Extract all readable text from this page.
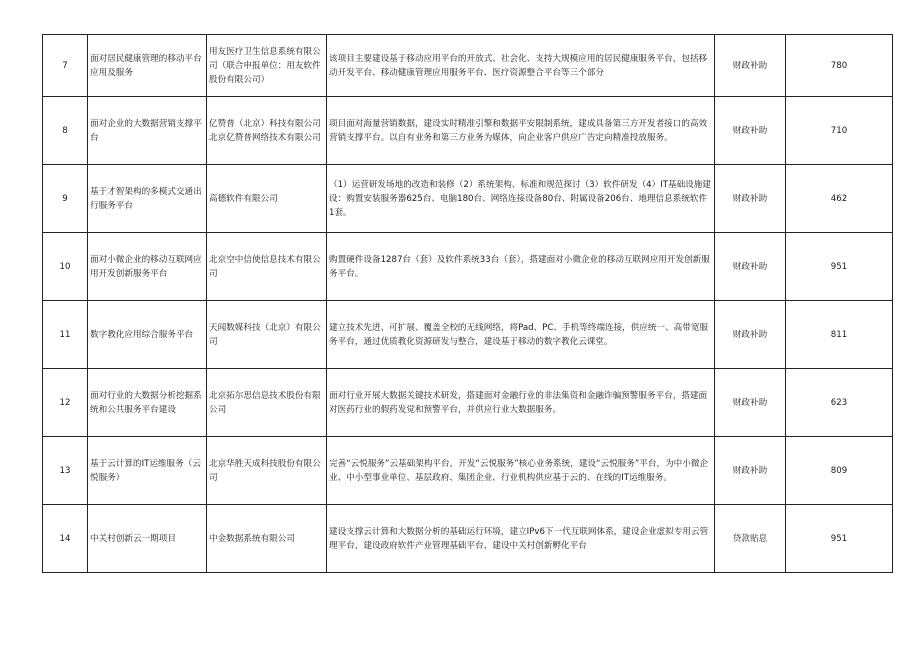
7	面对居民健康管理的移动平台应用及服务	用友医疗卫生信息系统有限公司（联合申报单位：用友软件股份有限公司）	该项目主要建设基于移动应用平台的开放式、社会化、支持大规模应用的居民健康服务平台，包括移动开发平台、移动健康管理应用服务平台、医疗资源整合平台等三个部分	财政补助	780
8	面对企业的大数据营销支撑平台	亿赞普（北京）科技有限公司北京亿赞普网络技术有限公司	项目面对海量营销数据，建设实时精准引擎和数据平安限制系统，建成具备第三方开发者接口的高效营销支撑平台。以自有业务和第三方业务为媒体，向企业客户供应广告定向精准投放服务。	财政补助	710
9	基于才智架构的多模式交通出行服务平台	高德软件有限公司	（1）运营研发场地的改造和装修（2）系统架构、标准和规范探讨（3）软件研发（4）IT基础设施建设：购置安装服务器625台、电脑180台、网络连接设备80台、附属设备206台、地理信息系统软件1套。	财政补助	462
10	面对小微企业的移动互联网应用开发创新服务平台	北京空中信使信息技术有限公司	购置硬件设备1287台（套）及软件系统33台（套），搭建面对小微企业的移动互联网应用开发创新服务平台。	财政补助	951
11	数字教化应用综合服务平台	天闻数媒科技（北京）有限公司	建立技术先进、可扩展、覆盖全校的无线网络，将Pad、PC、手机等终端连接，供应统一、高带宽服务平台，通过优质教化资源研发与整合，建设基于移动的数字教化云课堂。	财政补助	811
12	面对行业的大数据分析挖掘系统和公共服务平台建设	北京拓尔思信息技术股份有限公司	面对行业开展大数据关键技术研发，搭建面对金融行业的非法集资和金融诈骗预警服务平台，搭建面对医药行业的假药发觉和预警平台，并供应行业大数据服务。	财政补助	623
13	基于云计算的IT运维服务（云悦服务）	北京华胜天成科技股份有限公司	完善“云悦服务”云基础架构平台，开发“云悦服务”核心业务系统，建设“云悦服务”平台，为中小微企业、中小型事业单位、基层政府、集团企业、行业机构供应基于云的、在线的IT运维服务。	财政补助	809
14	中关村创新云一期项目	中金数据系统有限公司	建设支撑云计算和大数据分析的基础运行环境，建立IPv6下一代互联网体系，建设企业虚拟专用云管理平台，建设政府软件产业管理基础平台，建设中关村创新孵化平台	贷款贴息	951
